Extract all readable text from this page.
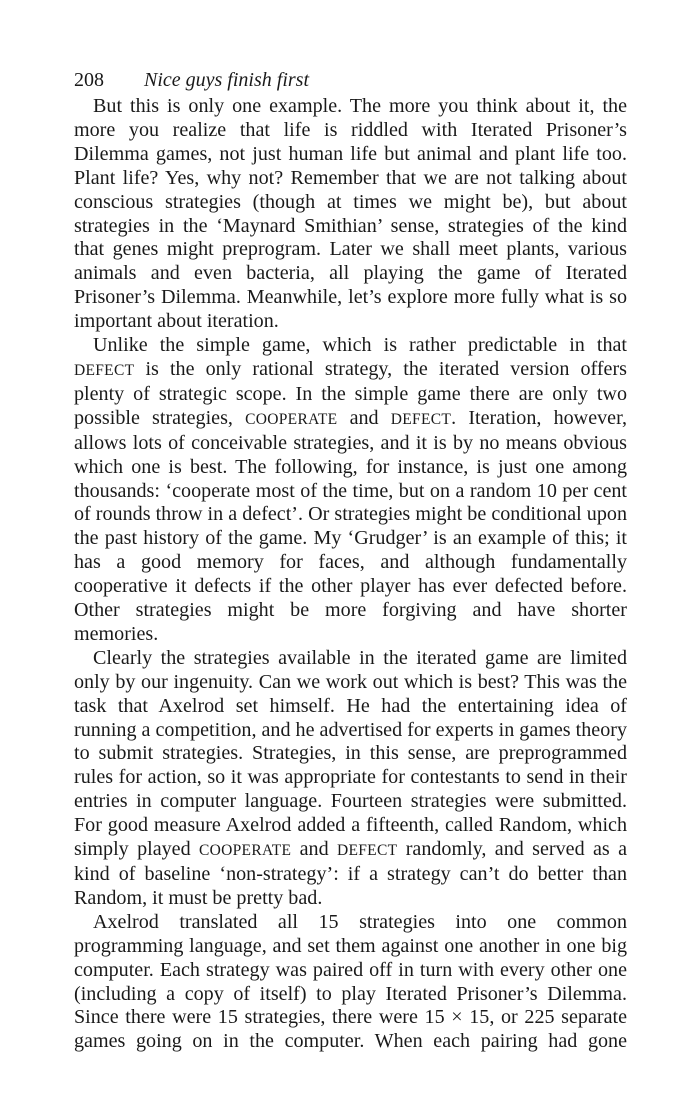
208 Nice guys finish first

But this is only one example. The more you think about it, the more you realize that life is riddled with Iterated Prisoner’s Dilemma games, not just human life but animal and plant life too. Plant life? Yes, why not? Remember that we are not talking about conscious strategies (though at times we might be), but about strategies in the ‘Maynard Smithian’ sense, strategies of the kind that genes might preprogram. Later we shall meet plants, various animals and even bacteria, all playing the game of Iterated Prisoner’s Dilemma. Meanwhile, let’s explore more fully what is so important about iteration.

Unlike the simple game, which is rather predictable in that DEFECT is the only rational strategy, the iterated version offers plenty of strategic scope. In the simple game there are only two possible strategies, COOPERATE and DEFECT. Iteration, however, allows lots of conceivable strategies, and it is by no means obvious which one is best. The following, for instance, is just one among thousands: ‘cooperate most of the time, but on a random 10 per cent of rounds throw in a defect’. Or strategies might be conditional upon the past history of the game. My ‘Grudger’ is an example of this; it has a good memory for faces, and although fundamentally cooperative it defects if the other player has ever defected before. Other strategies might be more forgiving and have shorter memories.

Clearly the strategies available in the iterated game are limited only by our ingenuity. Can we work out which is best? This was the task that Axelrod set himself. He had the entertaining idea of running a competition, and he advertised for experts in games theory to submit strategies. Strategies, in this sense, are preprogrammed rules for action, so it was appropriate for contestants to send in their entries in computer language. Fourteen strategies were submitted. For good measure Axelrod added a fifteenth, called Random, which simply played COOPERATE and DEFECT randomly, and served as a kind of baseline ‘non-strategy’: if a strategy can’t do better than Random, it must be pretty bad.

Axelrod translated all 15 strategies into one common programming language, and set them against one another in one big computer. Each strategy was paired off in turn with every other one (including a copy of itself) to play Iterated Prisoner’s Dilemma. Since there were 15 strategies, there were 15 × 15, or 225 separate games going on in the computer. When each pairing had gone
